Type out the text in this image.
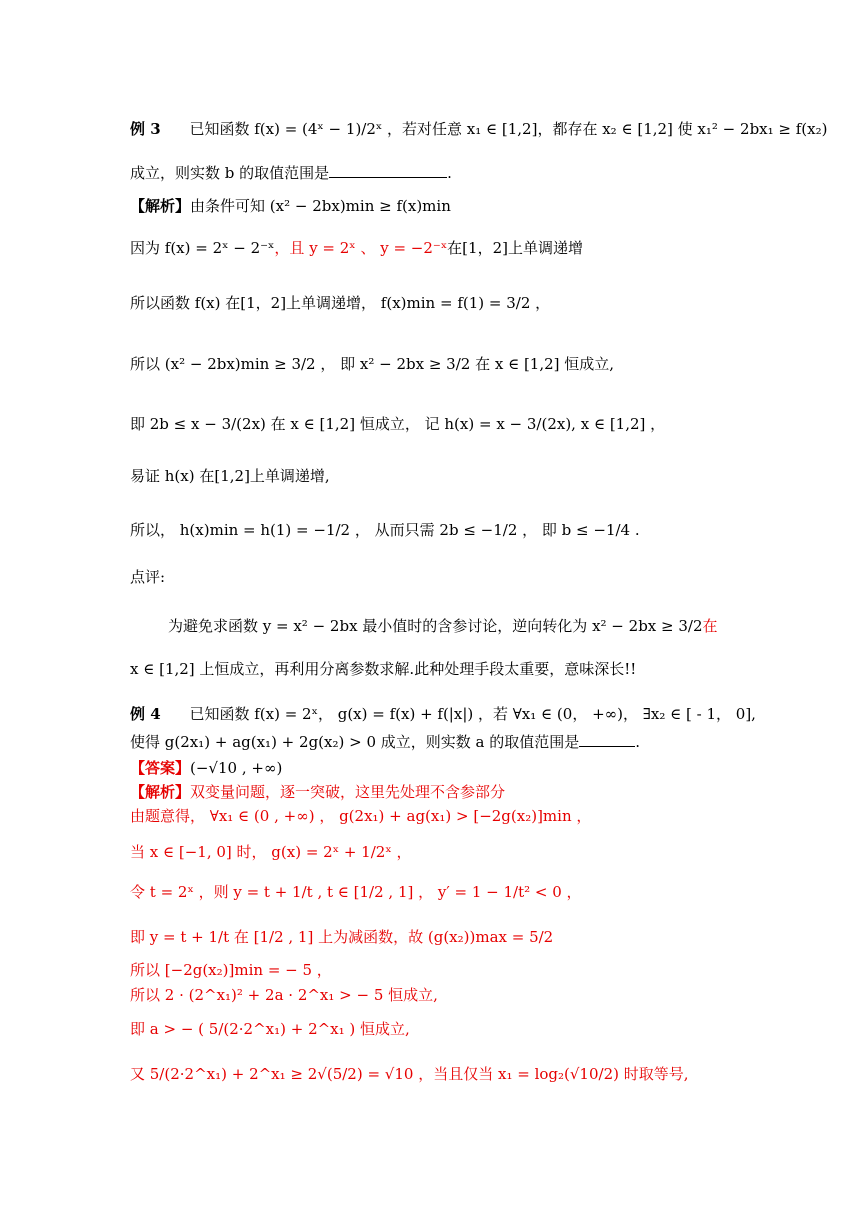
例 3 已知函数 f(x) = (4ˣ − 1)/2ˣ ，若对任意 x₁ ∈ [1,2]，都存在 x₂ ∈ [1,2] 使 x₁² − 2bx₁ ≥ f(x₂)
成立，则实数 b 的取值范围是	.
【解析】由条件可知 (x² − 2bx)min ≥ f(x)min
因为 f(x) = 2ˣ − 2⁻ˣ，且 y = 2ˣ 、 y = −2⁻ˣ在[1，2]上单调递增
所以函数 f(x) 在[1，2]上单调递增， f(x)min = f(1) = 3/2 ，
所以 (x² − 2bx)min ≥ 3/2 ， 即 x² − 2bx ≥ 3/2 在 x ∈ [1,2] 恒成立,
即 2b ≤ x − 3/(2x) 在 x ∈ [1,2] 恒成立， 记 h(x) = x − 3/(2x), x ∈ [1,2] ，
易证 h(x) 在[1,2]上单调递增,
所以， h(x)min = h(1) = −1/2 ， 从而只需 2b ≤ −1/2 ， 即 b ≤ −1/4 .
点评:
为避免求函数 y = x² − 2bx 最小值时的含参讨论，逆向转化为 x² − 2bx ≥ 3/2在
x ∈ [1,2] 上恒成立，再利用分离参数求解.此种处理手段太重要，意味深长!!
例 4 已知函数 f(x) = 2ˣ， g(x) = f(x) + f(|x|) ，若 ∀x₁ ∈ (0， +∞)， ∃x₂ ∈ [ - 1， 0],
使得 g(2x₁) + ag(x₁) + 2g(x₂) > 0 成立，则实数 a 的取值范围是	.
【答案】(−√10 , +∞)
【解析】双变量问题，逐一突破，这里先处理不含参部分
由题意得， ∀x₁ ∈ (0 , +∞) ， g(2x₁) + ag(x₁) > [−2g(x₂)]min ，
当 x ∈ [−1, 0] 时， g(x) = 2ˣ + 1/2ˣ ，
令 t = 2ˣ ，则 y = t + 1/t , t ∈ [1/2 , 1] ， y′ = 1 − 1/t² < 0 ，
即 y = t + 1/t 在 [1/2 , 1] 上为减函数，故 (g(x₂))max = 5/2
所以 [−2g(x₂)]min = − 5 ，
所以 2 · (2^x₁)² + 2a · 2^x₁ > − 5 恒成立,
即 a > − ( 5/(2·2^x₁) + 2^x₁ ) 恒成立,
又 5/(2·2^x₁) + 2^x₁ ≥ 2√(5/2) = √10 ，当且仅当 x₁ = log₂(√10/2) 时取等号,
